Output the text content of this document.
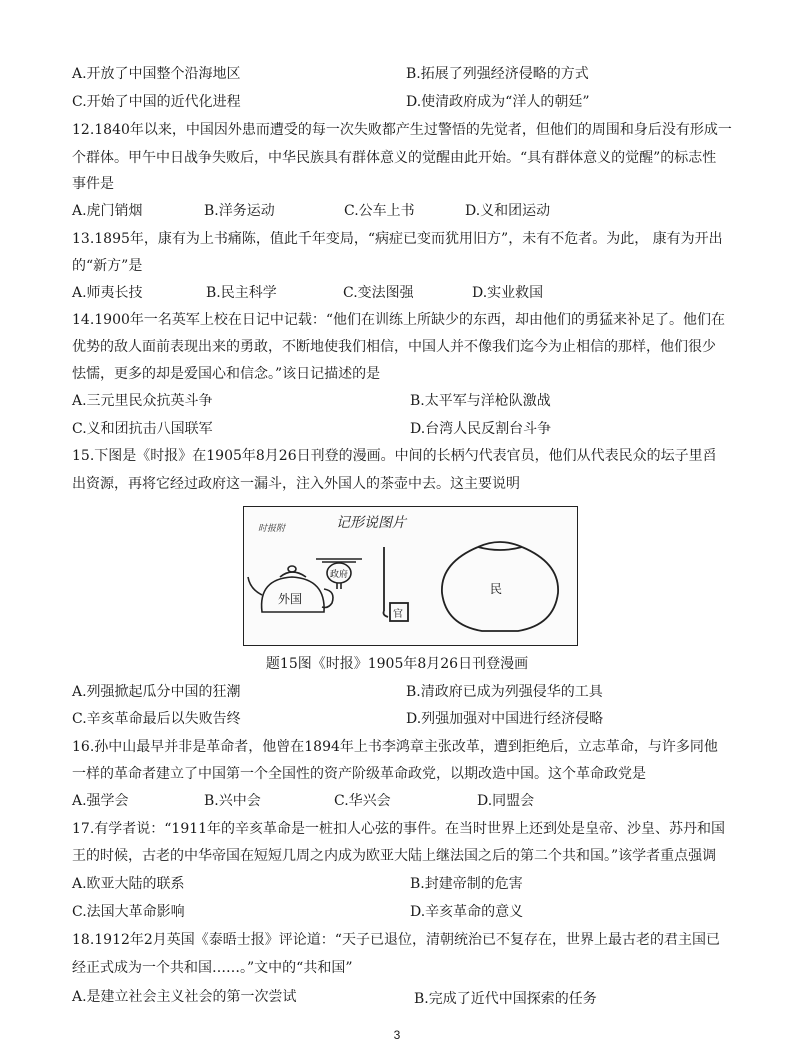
A.开放了中国整个沿海地区	B.拓展了列强经济侵略的方式
C.开始了中国的近代化进程	D.使清政府成为“洋人的朝廷”
12.1840年以来，中国因外患而遭受的每一次失败都产生过警悟的先觉者，但他们的周围和身后没有形成一
个群体。甲午中日战争失败后，中华民族具有群体意义的觉醒由此开始。“具有群体意义的觉醒”的标志性
事件是
A.虎门销烟	B.洋务运动	C.公车上书	D.义和团运动
13.1895年，康有为上书痛陈，值此千年变局，“病症已变而犹用旧方”，未有不危者。为此， 康有为开出
的“新方”是
A.师夷长技	B.民主科学	C.变法图强	D.实业救国
14.1900年一名英军上校在日记中记载：“他们在训练上所缺少的东西，却由他们的勇猛来补足了。他们在
优势的敌人面前表现出来的勇敢，不断地使我们相信，中国人并不像我们迄今为止相信的那样，他们很少
怯懦，更多的却是爱国心和信念。”该日记描述的是
A.三元里民众抗英斗争	B.太平军与洋枪队激战
C.义和团抗击八国联军	D.台湾人民反割台斗争
15.下图是《时报》在1905年8月26日刊登的漫画。中间的长柄勺代表官员，他们从代表民众的坛子里舀
出资源，再将它经过政府这一漏斗，注入外国人的茶壶中去。这主要说明
时报附	记形说图片
外国
政府
官
民
题15图《时报》1905年8月26日刊登漫画
A.列强掀起瓜分中国的狂潮	B.清政府已成为列强侵华的工具
C.辛亥革命最后以失败告终	D.列强加强对中国进行经济侵略
16.孙中山最早并非是革命者，他曾在1894年上书李鸿章主张改革，遭到拒绝后，立志革命，与许多同他
一样的革命者建立了中国第一个全国性的资产阶级革命政党，以期改造中国。这个革命政党是
A.强学会	B.兴中会	C.华兴会	D.同盟会
17.有学者说：“1911年的辛亥革命是一桩扣人心弦的事件。在当时世界上还到处是皇帝、沙皇、苏丹和国
王的时候，古老的中华帝国在短短几周之内成为欧亚大陆上继法国之后的第二个共和国。”该学者重点强调
A.欧亚大陆的联系	B.封建帝制的危害
C.法国大革命影响	D.辛亥革命的意义
18.1912年2月英国《泰晤士报》评论道：“天子已退位，清朝统治已不复存在，世界上最古老的君主国已
经正式成为一个共和国……。”文中的“共和国”
A.是建立社会主义社会的第一次尝试	B.完成了近代中国探索的任务
3
